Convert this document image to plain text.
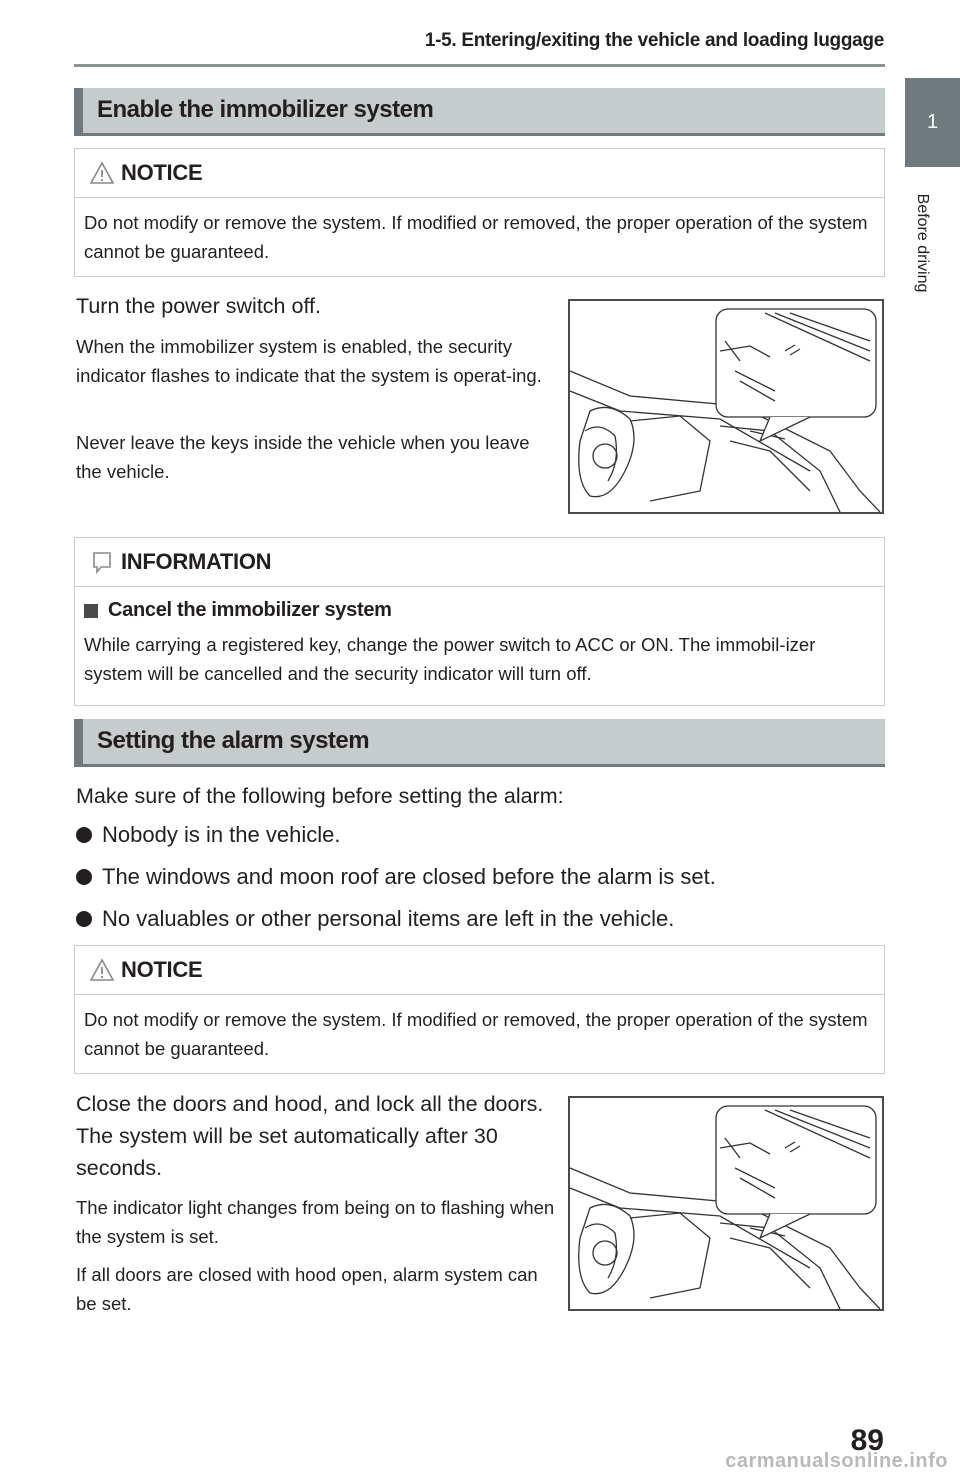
1-5. Entering/exiting the vehicle and loading luggage
1
Before driving
Enable the immobilizer system
NOTICE
Do not modify or remove the system. If modified or removed, the proper operation of the system cannot be guaranteed.
Turn the power switch off.
When the immobilizer system is enabled, the security indicator flashes to indicate that the system is operat-ing.
Never leave the keys inside the vehicle when you leave the vehicle.
INFORMATION
Cancel the immobilizer system
While carrying a registered key, change the power switch to ACC or ON. The immobil-izer system will be cancelled and the security indicator will turn off.
Setting the alarm system
Make sure of the following before setting the alarm:
Nobody is in the vehicle.
The windows and moon roof are closed before the alarm is set.
No valuables or other personal items are left in the vehicle.
NOTICE
Do not modify or remove the system. If modified or removed, the proper operation of the system cannot be guaranteed.
Close the doors and hood, and lock all the doors. The system will be set automatically after 30 seconds.
The indicator light changes from being on to flashing when the system is set.
If all doors are closed with hood open, alarm system can be set.
89
carmanualsonline.info
